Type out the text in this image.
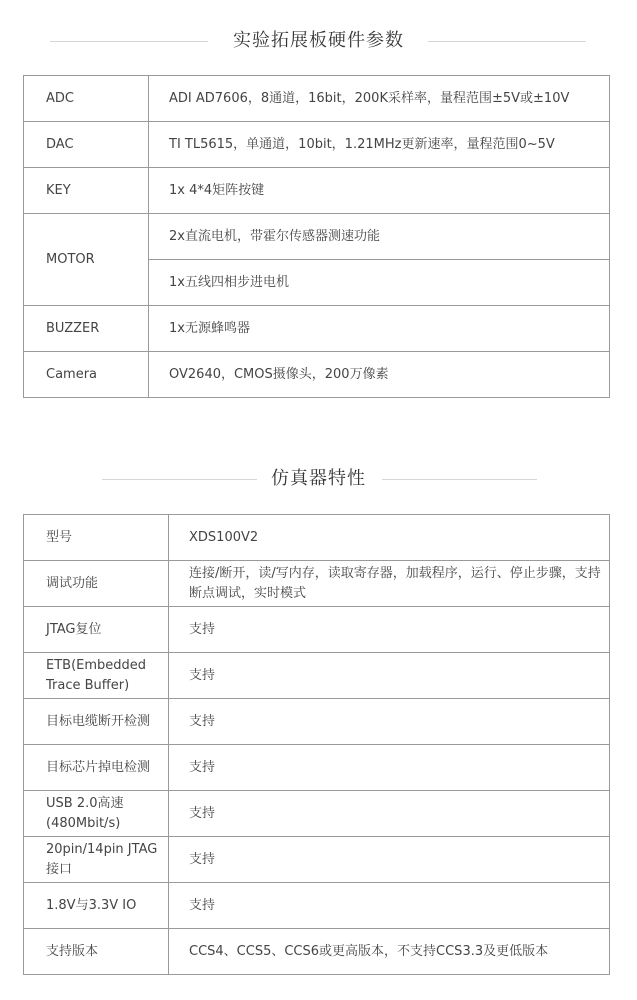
实验拓展板硬件参数
ADC	ADI AD7606，8通道，16bit，200K采样率，量程范围±5V或±10V
DAC	TI TL5615，单通道，10bit，1.21MHz更新速率，量程范围0~5V
KEY	1x 4*4矩阵按键
MOTOR	2x直流电机，带霍尔传感器测速功能
	1x五线四相步进电机
BUZZER	1x无源蜂鸣器
Camera	OV2640，CMOS摄像头，200万像素
仿真器特性
型号	XDS100V2
调试功能	连接/断开，读/写内存，读取寄存器，加载程序，运行、停止步骤，支持断点调试，实时模式
JTAG复位	支持
ETB(Embedded Trace Buffer)	支持
目标电缆断开检测	支持
目标芯片掉电检测	支持
USB 2.0高速(480Mbit/s)	支持
20pin/14pin JTAG接口	支持
1.8V与3.3V IO	支持
支持版本	CCS4、CCS5、CCS6或更高版本，不支持CCS3.3及更低版本
